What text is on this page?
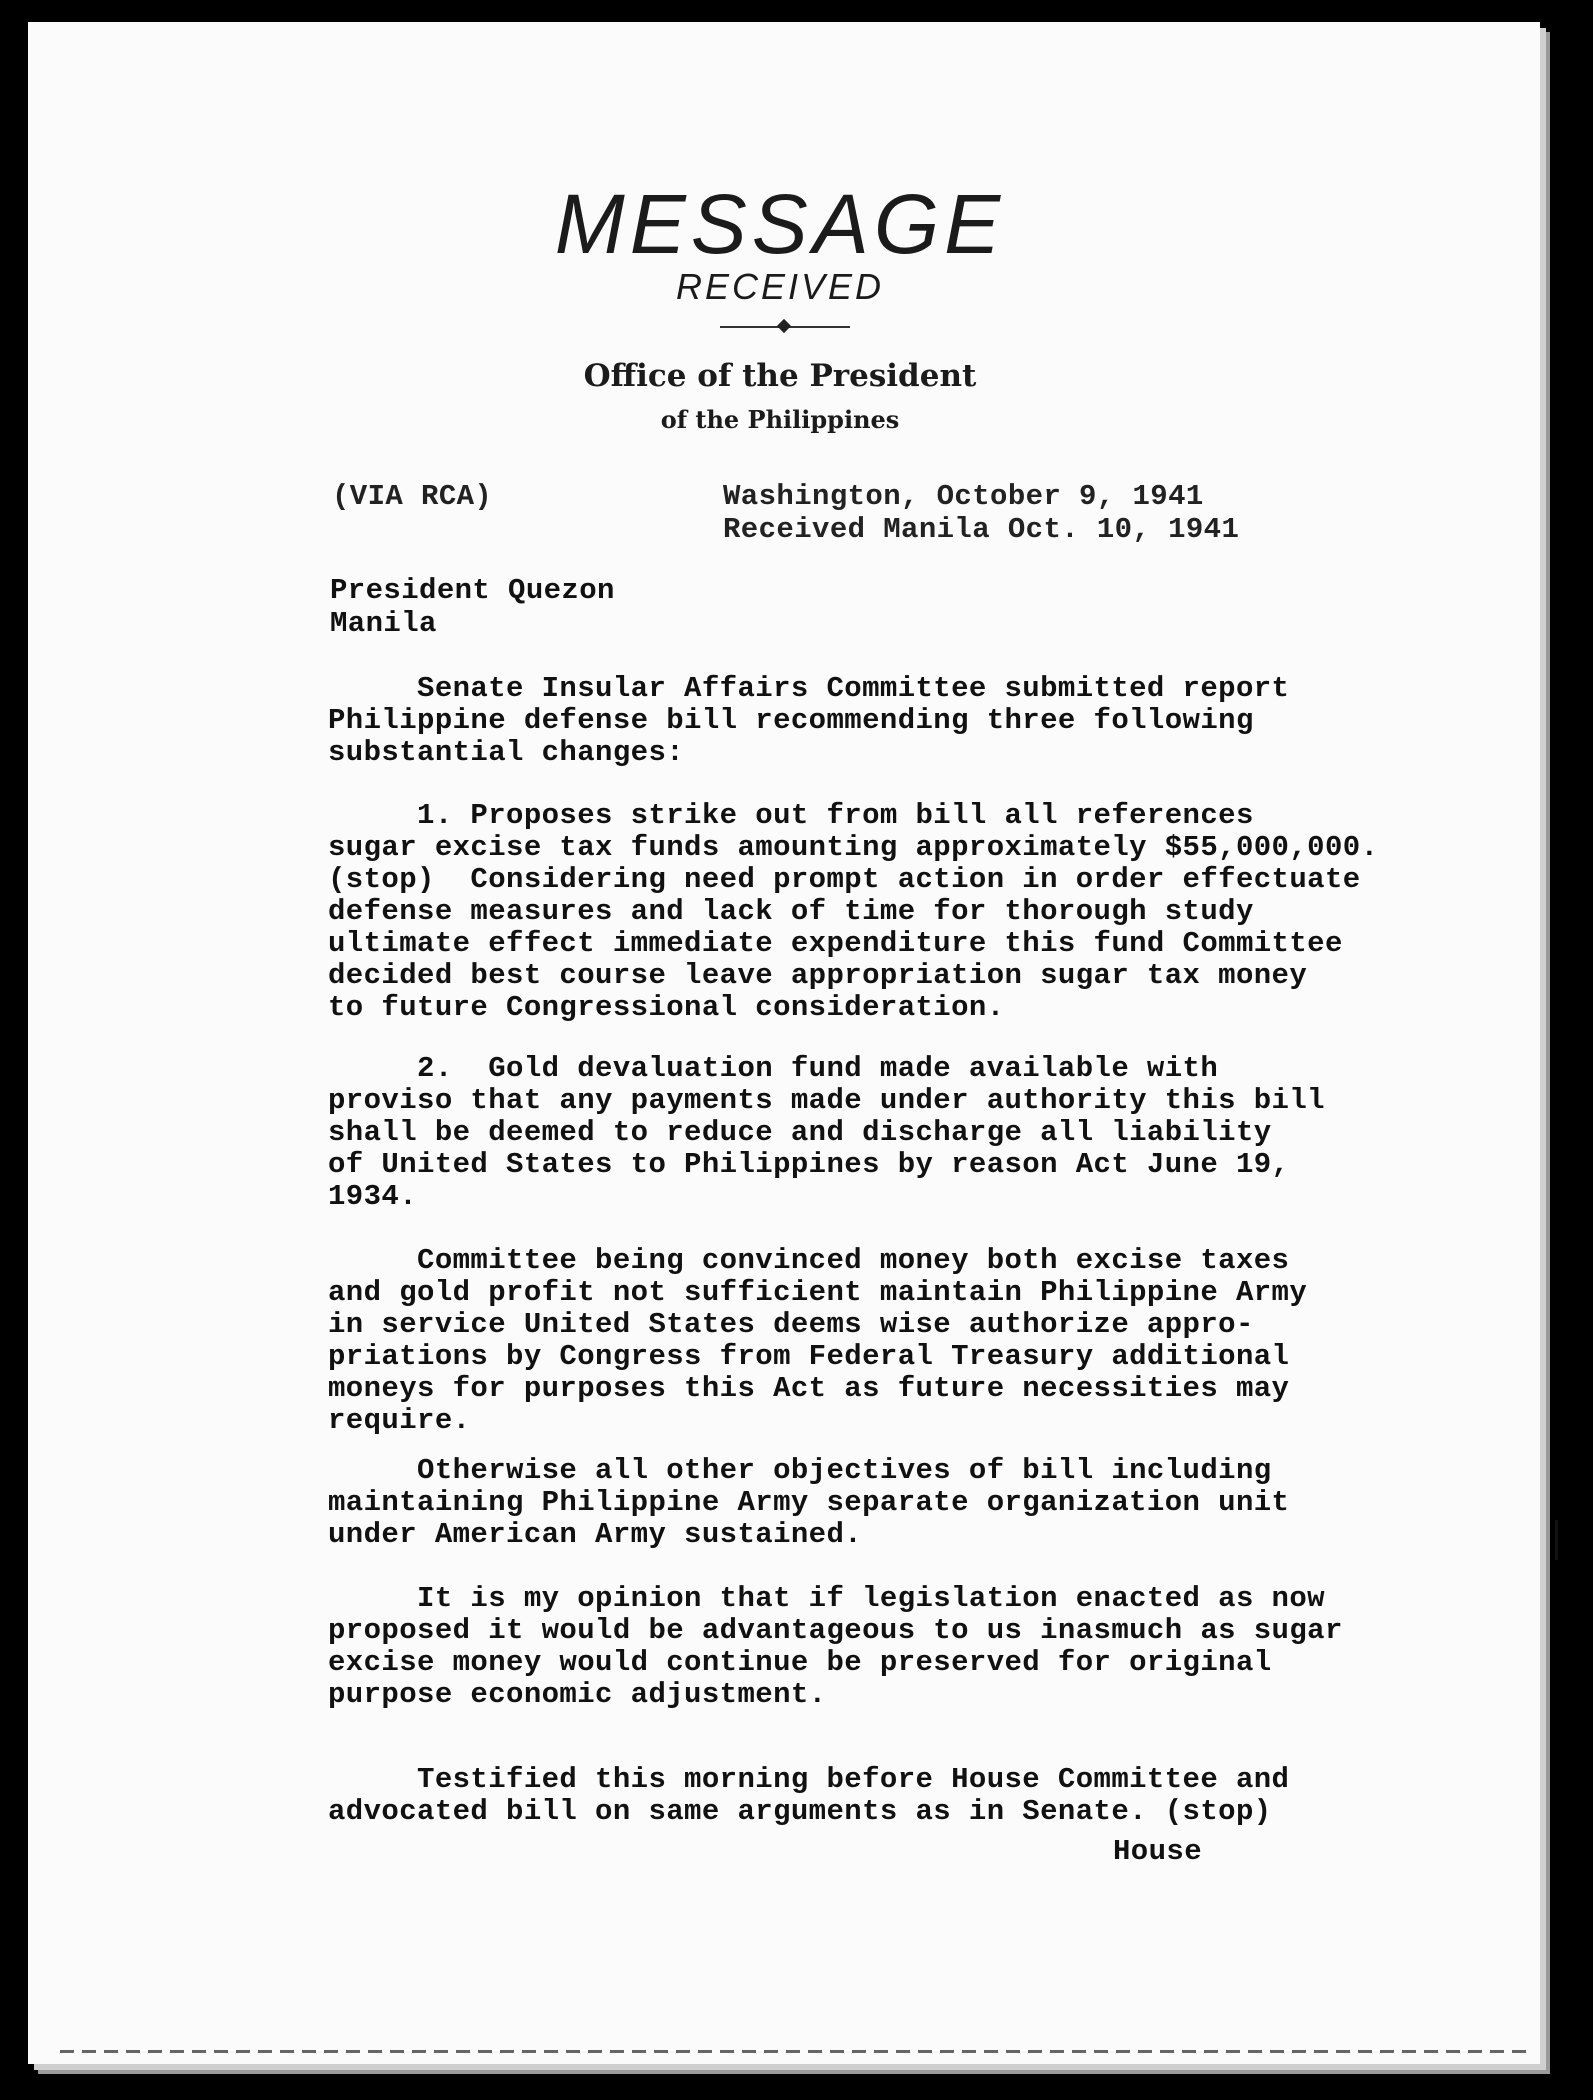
MESSAGE
RECEIVED
Office of the President
of the Philippines
(VIA RCA)	Washington, October 9, 1941
Received Manila Oct. 10, 1941
President Quezon
Manila
Senate Insular Affairs Committee submitted report
Philippine defense bill recommending three following
substantial changes:
1. Proposes strike out from bill all references
sugar excise tax funds amounting approximately $55,000,000.
(stop)  Considering need prompt action in order effectuate
defense measures and lack of time for thorough study
ultimate effect immediate expenditure this fund Committee
decided best course leave appropriation sugar tax money
to future Congressional consideration.
2.  Gold devaluation fund made available with
proviso that any payments made under authority this bill
shall be deemed to reduce and discharge all liability
of United States to Philippines by reason Act June 19,
1934.
Committee being convinced money both excise taxes
and gold profit not sufficient maintain Philippine Army
in service United States deems wise authorize appro-
priations by Congress from Federal Treasury additional
moneys for purposes this Act as future necessities may
require.
Otherwise all other objectives of bill including
maintaining Philippine Army separate organization unit
under American Army sustained.
It is my opinion that if legislation enacted as now
proposed it would be advantageous to us inasmuch as sugar
excise money would continue be preserved for original
purpose economic adjustment.
Testified this morning before House Committee and
advocated bill on same arguments as in Senate. (stop)
House
